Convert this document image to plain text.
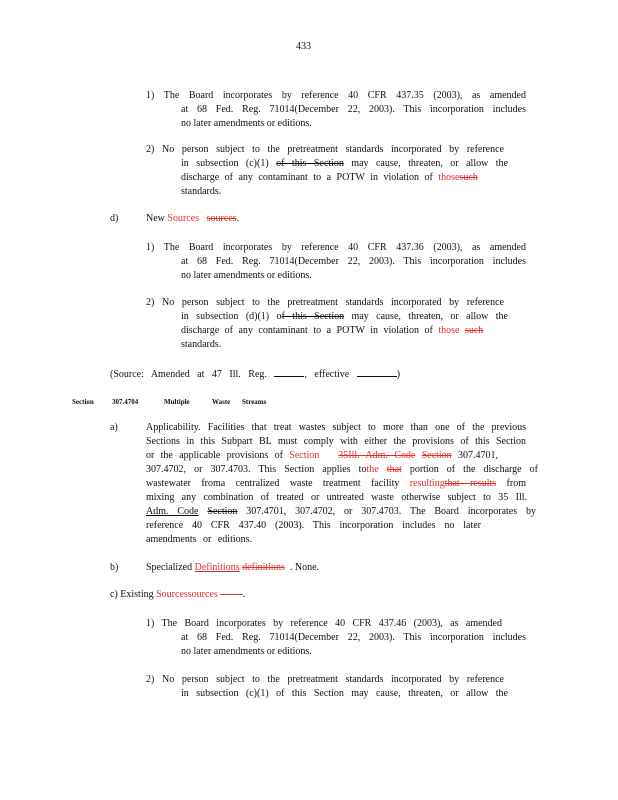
433
1) The Board incorporates by reference 40 CFR 437.35 (2003), as amended
at 68 Fed. Reg. 71014(December 22, 2003). This incorporation includes
no later amendments or editions.
2) No person subject to the pretreatment standards incorporated by reference
in subsection (c)(1) of this Section may cause, threaten, or allow the
discharge of any contaminant to a POTW in violation of thosesuch
standards.
d)	New Sources sources.
1) The Board incorporates by reference 40 CFR 437.36 (2003), as amended
at 68 Fed. Reg. 71014(December 22, 2003). This incorporation includes
no later amendments or editions.
2) No person subject to the pretreatment standards incorporated by reference
in subsection (d)(1) of this Section may cause, threaten, or allow the
discharge of any contaminant to a POTW in violation of those such
standards.
(Source: Amended at 47 Ill. Reg.	, effective	)
Section	307.4704	Multiple	Waste Streams
a)	Applicability. Facilities that treat wastes subject to more than one of the previous
Sections in this Subpart BL must comply with either the provisions of this Section
or the applicable provisions of Section 35Ill. Adm. Code Section 307.4701,
307.4702, or 307.4703. This Section applies tothe that portion of the discharge of
wastewater froma centralized waste treatment facility resultingthat results from
mixing any combination of treated or untreated waste otherwise subject to 35 Ill.
Adm. Code Section 307.4701, 307.4702, or 307.4703. The Board incorporates by
reference 40 CFR 437.40 (2003). This incorporation includes no later
amendments or editions.
b)	Specialized Definitions definitions . None.
c) Existing Sourcessources	.
1) The Board incorporates by reference 40 CFR 437.46 (2003), as amended
at 68 Fed. Reg. 71014(December 22, 2003). This incorporation includes
no later amendments or editions.
2) No person subject to the pretreatment standards incorporated by reference
in subsection (c)(1) of this Section may cause, threaten, or allow the
